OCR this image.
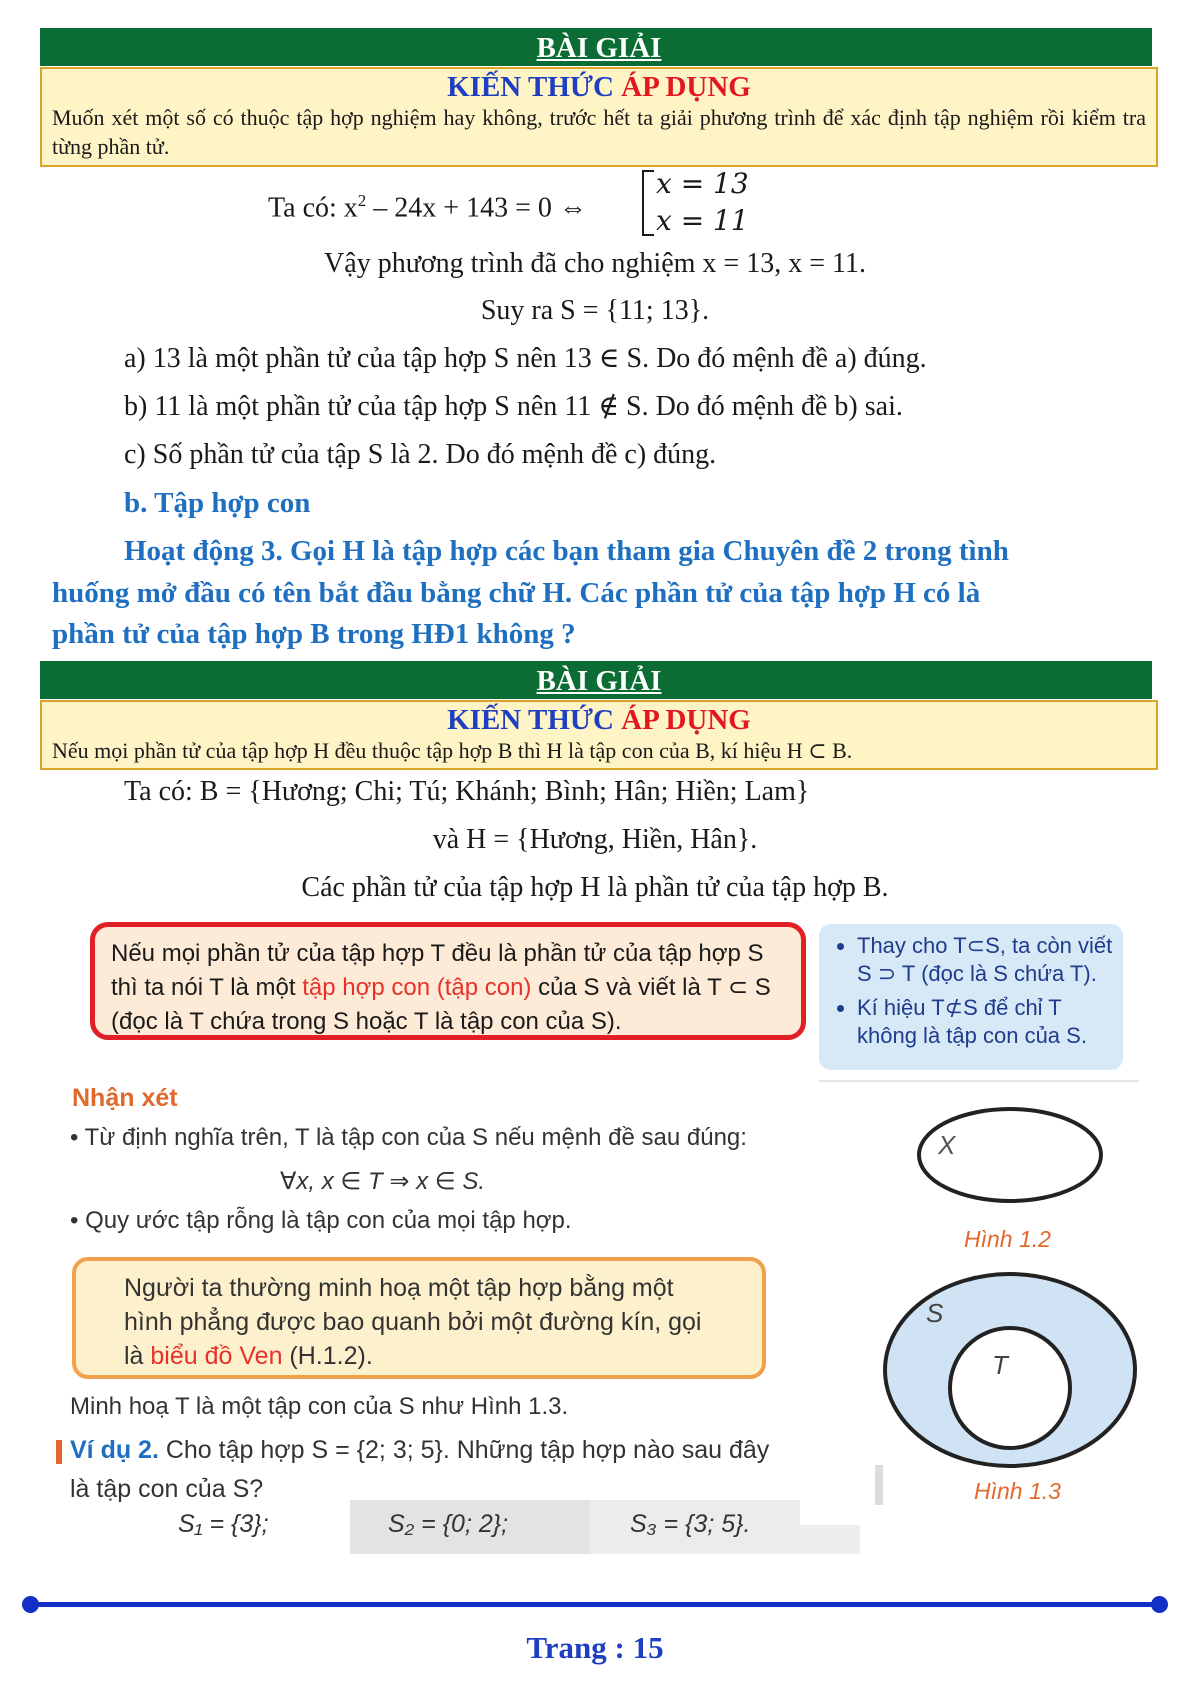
BÀI GIẢI
KIẾN THỨC ÁP DỤNG
Muốn xét một số có thuộc tập hợp nghiệm hay không, trước hết ta giải phương trình để xác định tập nghiệm rồi kiểm tra từng phần tử.
Ta có: $x^2 - 24x + 143 = 0$ ⇔
x = 13
x = 11
Vậy phương trình đã cho nghiệm x = 13, x = 11.
Suy ra S = {11; 13}.
a) 13 là một phần tử của tập hợp S nên 13 ∈ S. Do đó mệnh đề a) đúng.
b) 11 là một phần tử của tập hợp S nên 11 ∉ S. Do đó mệnh đề b) sai.
c) Số phần tử của tập S là 2. Do đó mệnh đề c) đúng.
b. Tập hợp con
Hoạt động 3. Gọi H là tập hợp các bạn tham gia Chuyên đề 2 trong tình
huống mở đầu có tên bắt đầu bằng chữ H. Các phần tử của tập hợp H có là
phần tử của tập hợp B trong HĐ1 không ?
BÀI GIẢI
KIẾN THỨC ÁP DỤNG
Nếu mọi phần tử của tập hợp H đều thuộc tập hợp B thì H là tập con của B, kí hiệu H ⊂ B.
Ta có: B = {Hương; Chi; Tú; Khánh; Bình; Hân; Hiền; Lam}
và H = {Hương, Hiền, Hân}.
Các phần tử của tập hợp H là phần tử của tập hợp B.
Nếu mọi phần tử của tập hợp T đều là phần tử của tập hợp S
thì ta nói T là một tập hợp con (tập con) của S và viết là T ⊂ S
(đọc là T chứa trong S hoặc T là tập con của S).
• Thay cho T⊂S, ta còn viết
S ⊃ T (đọc là S chứa T).
• Kí hiệu T⊄S để chỉ T
không là tập con của S.
Nhận xét
• Từ định nghĩa trên, T là tập con của S nếu mệnh đề sau đúng:
∀x, x ∈ T ⇒ x ∈ S.
• Quy ước tập rỗng là tập con của mọi tập hợp.
Người ta thường minh hoạ một tập hợp bằng một
hình phẳng được bao quanh bởi một đường kín, gọi
là biểu đồ Ven (H.1.2).
Minh hoạ T là một tập con của S như Hình 1.3.
Ví dụ 2. Cho tập hợp S = {2; 3; 5}. Những tập hợp nào sau đây
là tập con của S?
S₁ = {3};	S₂ = {0; 2};	S₃ = {3; 5}.
X
Hình 1.2
S
T
Hình 1.3
Trang : 15
